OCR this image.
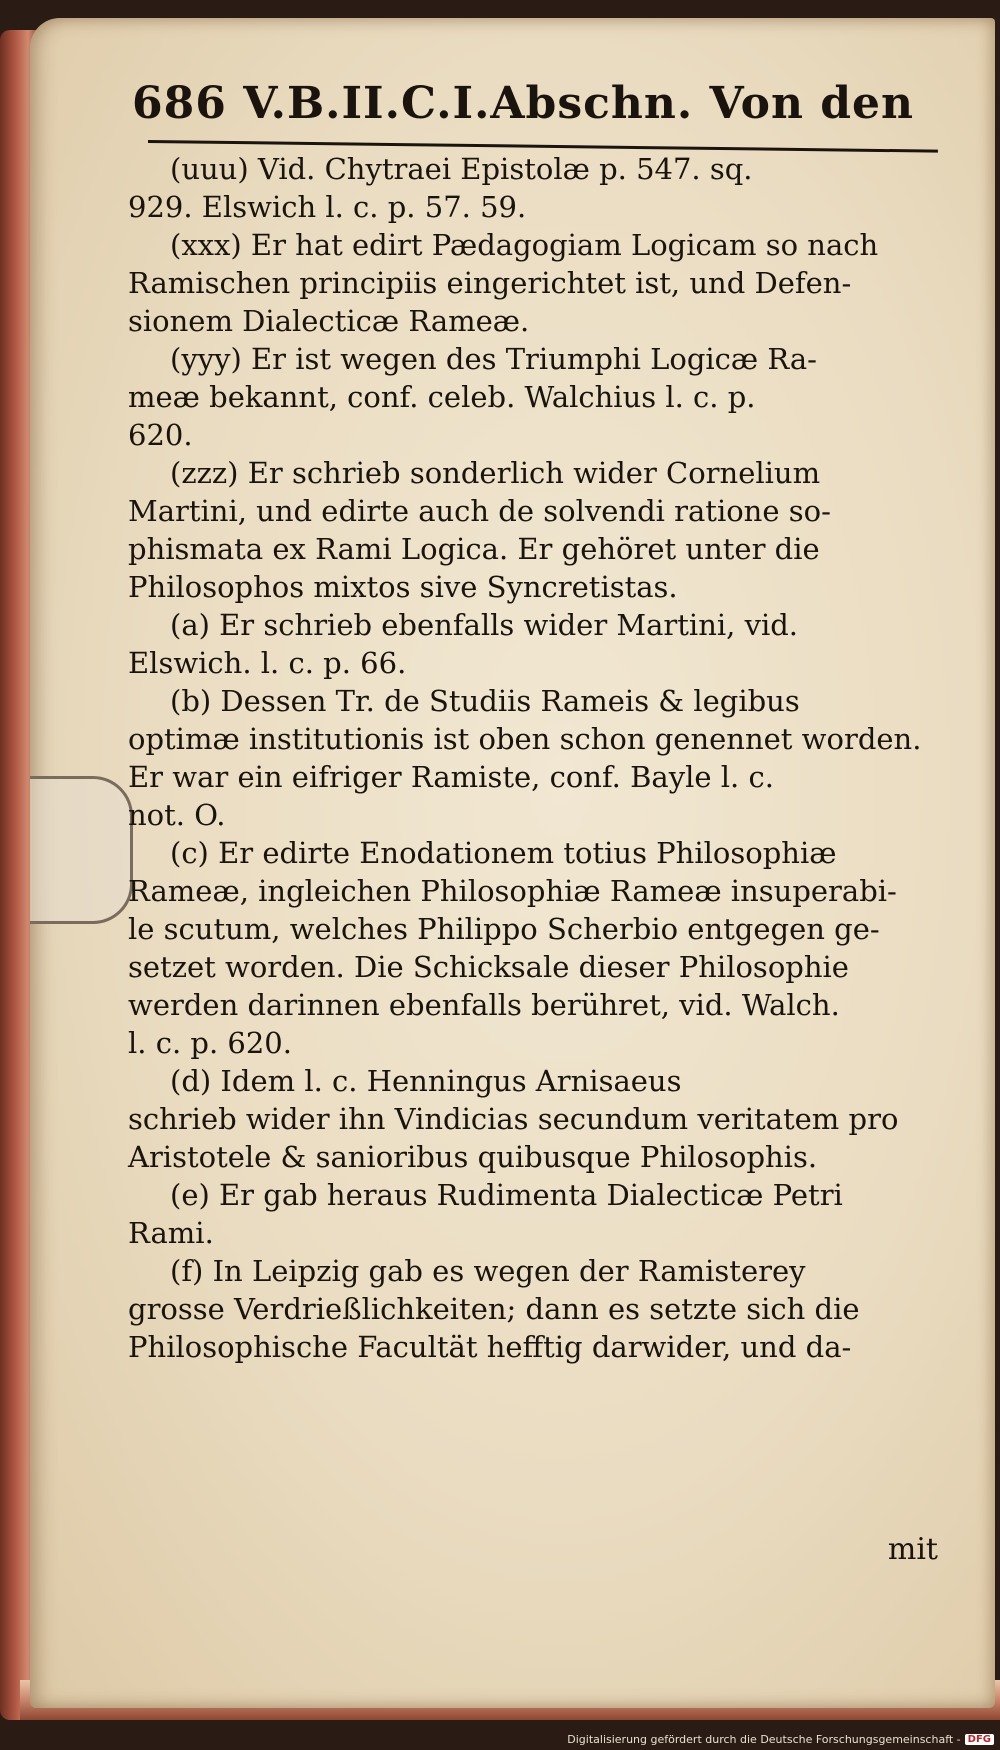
686 V.B.II.C.I.Abschn. Von den

(uuu) Vid. Chytraei Epistolæ p. 547. sq.

929. Elswich l. c. p. 57. 59.

(xxx) Er hat edirt Pædagogiam Logicam so nach

Ramischen principiis eingerichtet ist, und Defen-

sionem Dialecticæ Rameæ.

(yyy) Er ist wegen des Triumphi Logicæ Ra-

meæ bekannt, conf. celeb. Walchius l. c. p.

620.

(zzz) Er schrieb sonderlich wider Cornelium

Martini, und edirte auch de solvendi ratione so-

phismata ex Rami Logica. Er gehöret unter die

Philosophos mixtos sive Syncretistas.

(a) Er schrieb ebenfalls wider Martini, vid.

Elswich. l. c. p. 66.

(b) Dessen Tr. de Studiis Rameis & legibus

optimæ institutionis ist oben schon genennet worden.

Er war ein eifriger Ramiste, conf. Bayle l. c.

not. O.

(c) Er edirte Enodationem totius Philosophiæ

Rameæ, ingleichen Philosophiæ Rameæ insuperabi-

le scutum, welches Philippo Scherbio entgegen ge-

setzet worden. Die Schicksale dieser Philosophie

werden darinnen ebenfalls berühret, vid. Walch.

l. c. p. 620.

(d) Idem l. c. Henningus Arnisaeus

schrieb wider ihn Vindicias secundum veritatem pro

Aristotele & sanioribus quibusque Philosophis.

(e) Er gab heraus Rudimenta Dialecticæ Petri

Rami.

(f) In Leipzig gab es wegen der Ramisterey

grosse Verdrießlichkeiten; dann es setzte sich die

Philosophische Facultät hefftig darwider, und da-

mit
Digitalisierung gefördert durch die Deutsche Forschungsgemeinschaft - DFG
